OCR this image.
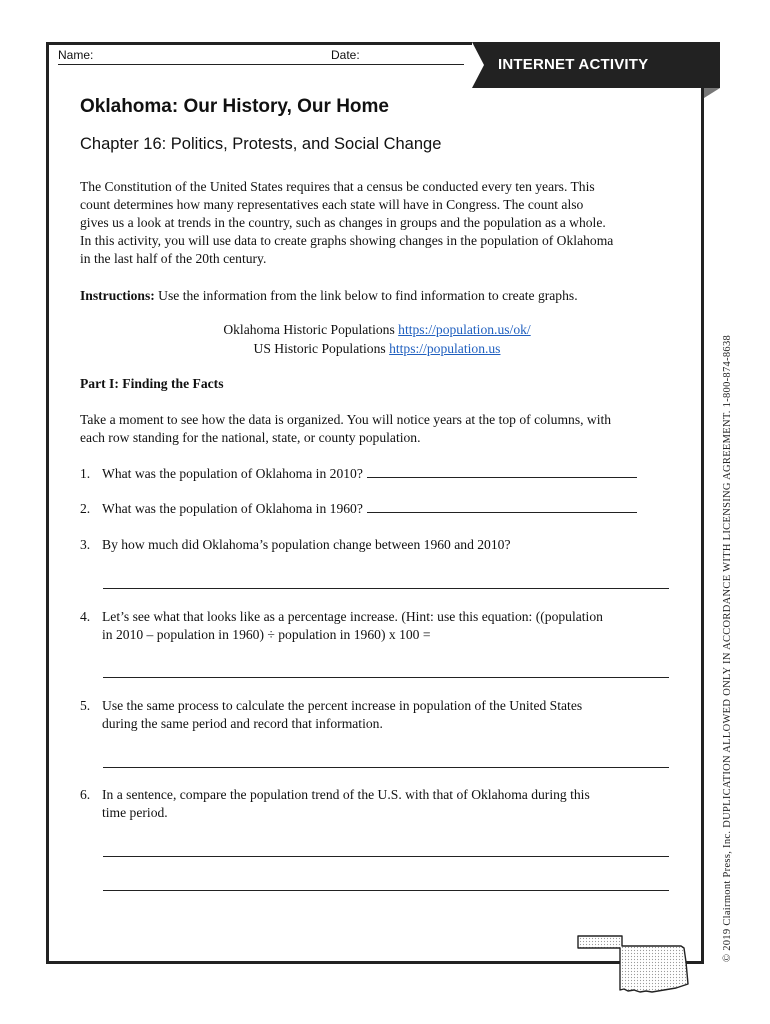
Name:	Date:
INTERNET ACTIVITY
Oklahoma: Our History, Our Home
Chapter 16: Politics, Protests, and Social Change
The Constitution of the United States requires that a census be conducted every ten years. This
count determines how many representatives each state will have in Congress. The count also
gives us a look at trends in the country, such as changes in groups and the population as a whole.
In this activity, you will use data to create graphs showing changes in the population of Oklahoma
in the last half of the 20th century.
Instructions: Use the information from the link below to find information to create graphs.
Oklahoma Historic Populations https://population.us/ok/
US Historic Populations https://population.us
Part I: Finding the Facts
Take a moment to see how the data is organized. You will notice years at the top of columns, with
each row standing for the national, state, or county population.
1. What was the population of Oklahoma in 2010?
2. What was the population of Oklahoma in 1960?
3. By how much did Oklahoma’s population change between 1960 and 2010?
4. Let’s see what that looks like as a percentage increase. (Hint: use this equation: ((population
in 2010 – population in 1960) ÷ population in 1960) x 100 =
5. Use the same process to calculate the percent increase in population of the United States
during the same period and record that information.
6. In a sentence, compare the population trend of the U.S. with that of Oklahoma during this
time period.	© 2019 Clairmont Press, Inc. DUPLICATION ALLOWED ONLY IN ACCORDANCE WITH LICENSING AGREEMENT. 1-800-874-8638
